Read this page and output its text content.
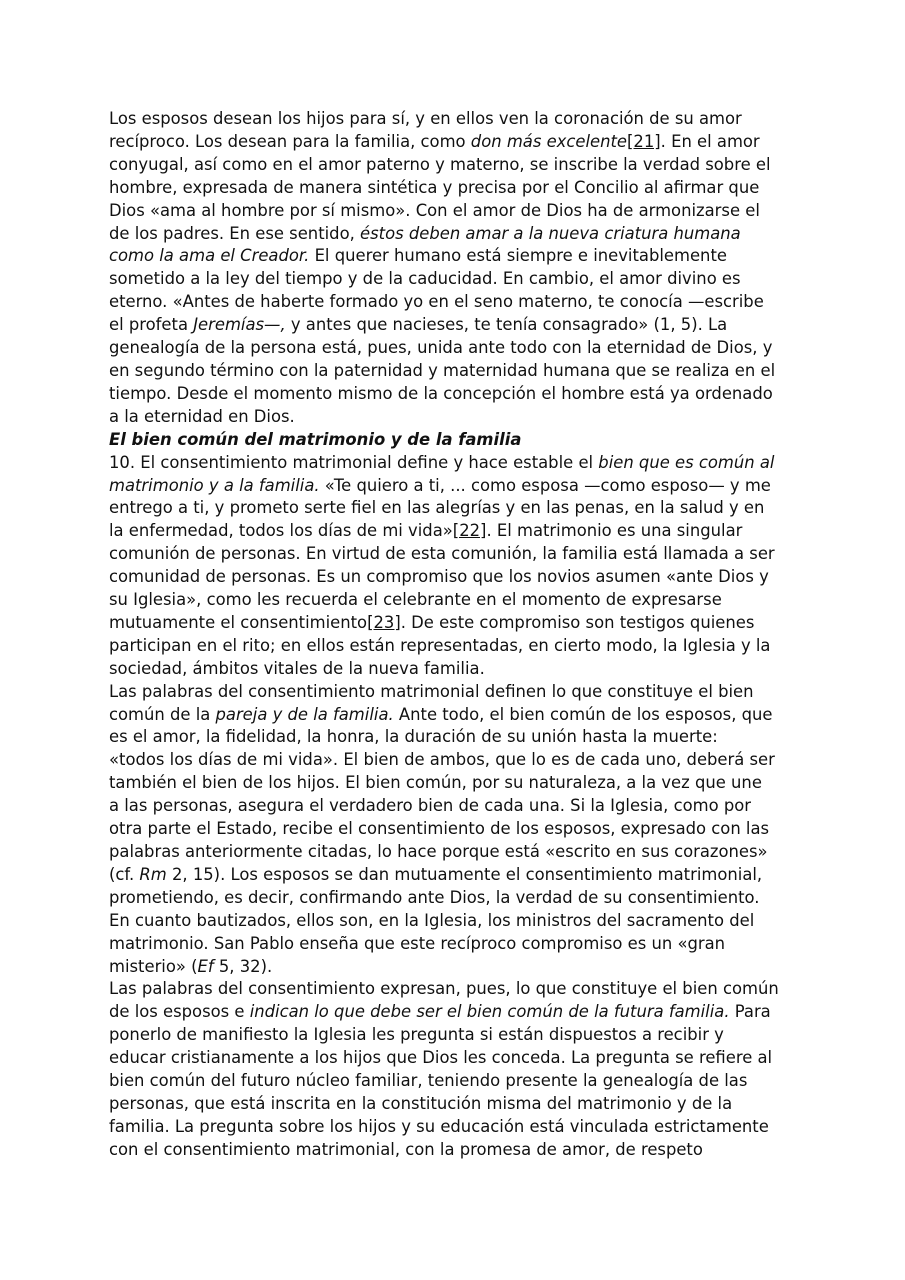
Los esposos desean los hijos para sí, y en ellos ven la coronación de su amor
recíproco. Los desean para la familia, como don más excelente[21]. En el amor
conyugal, así como en el amor paterno y materno, se inscribe la verdad sobre el
hombre, expresada de manera sintética y precisa por el Concilio al afirmar que
Dios «ama al hombre por sí mismo». Con el amor de Dios ha de armonizarse el
de los padres. En ese sentido, éstos deben amar a la nueva criatura humana
como la ama el Creador. El querer humano está siempre e inevitablemente
sometido a la ley del tiempo y de la caducidad. En cambio, el amor divino es
eterno. «Antes de haberte formado yo en el seno materno, te conocía —escribe
el profeta Jeremías—, y antes que nacieses, te tenía consagrado» (1, 5). La
genealogía de la persona está, pues, unida ante todo con la eternidad de Dios, y
en segundo término con la paternidad y maternidad humana que se realiza en el
tiempo. Desde el momento mismo de la concepción el hombre está ya ordenado
a la eternidad en Dios.

El bien común del matrimonio y de la familia

10. El consentimiento matrimonial define y hace estable el bien que es común al
matrimonio y a la familia. «Te quiero a ti, ... como esposa —como esposo— y me
entrego a ti, y prometo serte fiel en las alegrías y en las penas, en la salud y en
la enfermedad, todos los días de mi vida»[22]. El matrimonio es una singular
comunión de personas. En virtud de esta comunión, la familia está llamada a ser
comunidad de personas. Es un compromiso que los novios asumen «ante Dios y
su Iglesia», como les recuerda el celebrante en el momento de expresarse
mutuamente el consentimiento[23]. De este compromiso son testigos quienes
participan en el rito; en ellos están representadas, en cierto modo, la Iglesia y la
sociedad, ámbitos vitales de la nueva familia.

Las palabras del consentimiento matrimonial definen lo que constituye el bien
común de la pareja y de la familia. Ante todo, el bien común de los esposos, que
es el amor, la fidelidad, la honra, la duración de su unión hasta la muerte:
«todos los días de mi vida». El bien de ambos, que lo es de cada uno, deberá ser
también el bien de los hijos. El bien común, por su naturaleza, a la vez que une
a las personas, asegura el verdadero bien de cada una. Si la Iglesia, como por
otra parte el Estado, recibe el consentimiento de los esposos, expresado con las
palabras anteriormente citadas, lo hace porque está «escrito en sus corazones»
(cf. Rm 2, 15). Los esposos se dan mutuamente el consentimiento matrimonial,
prometiendo, es decir, confirmando ante Dios, la verdad de su consentimiento.
En cuanto bautizados, ellos son, en la Iglesia, los ministros del sacramento del
matrimonio. San Pablo enseña que este recíproco compromiso es un «gran
misterio» (Ef 5, 32).

Las palabras del consentimiento expresan, pues, lo que constituye el bien común
de los esposos e indican lo que debe ser el bien común de la futura familia. Para
ponerlo de manifiesto la Iglesia les pregunta si están dispuestos a recibir y
educar cristianamente a los hijos que Dios les conceda. La pregunta se refiere al
bien común del futuro núcleo familiar, teniendo presente la genealogía de las
personas, que está inscrita en la constitución misma del matrimonio y de la
familia. La pregunta sobre los hijos y su educación está vinculada estrictamente
con el consentimiento matrimonial, con la promesa de amor, de respeto
